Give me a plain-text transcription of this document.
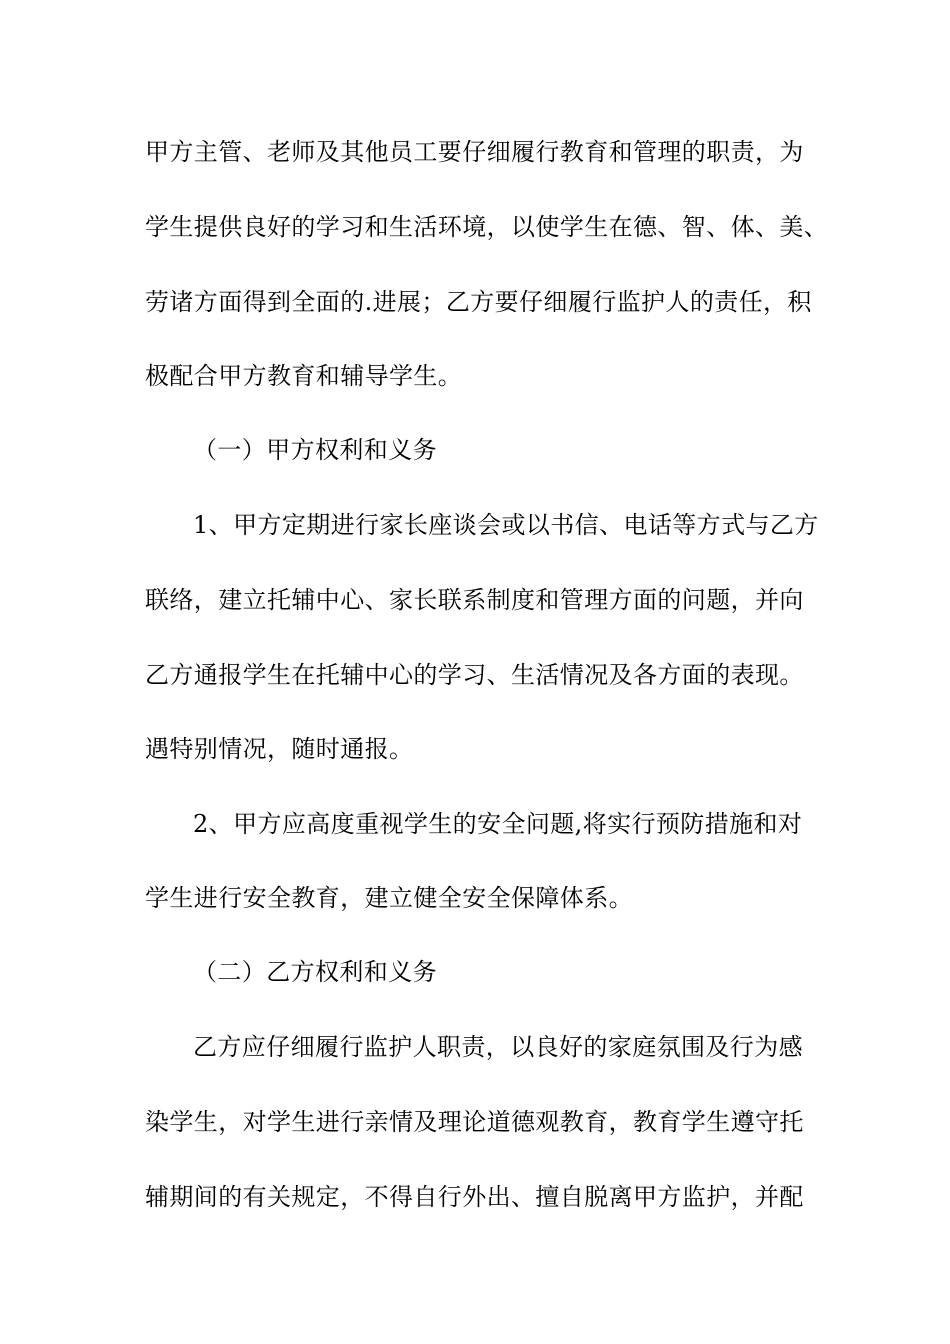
甲方主管、老师及其他员工要仔细履行教育和管理的职责，为
学生提供良好的学习和生活环境，以使学生在德、智、体、美、
劳诸方面得到全面的.进展；乙方要仔细履行监护人的责任，积
极配合甲方教育和辅导学生。
（一）甲方权利和义务
1、甲方定期进行家长座谈会或以书信、电话等方式与乙方
联络，建立托辅中心、家长联系制度和管理方面的问题，并向
乙方通报学生在托辅中心的学习、生活情况及各方面的表现。
遇特别情况，随时通报。
2、甲方应高度重视学生的安全问题,将实行预防措施和对
学生进行安全教育，建立健全安全保障体系。
（二）乙方权利和义务
乙方应仔细履行监护人职责，以良好的家庭氛围及行为感
染学生，对学生进行亲情及理论道德观教育，教育学生遵守托
辅期间的有关规定，不得自行外出、擅自脱离甲方监护，并配
